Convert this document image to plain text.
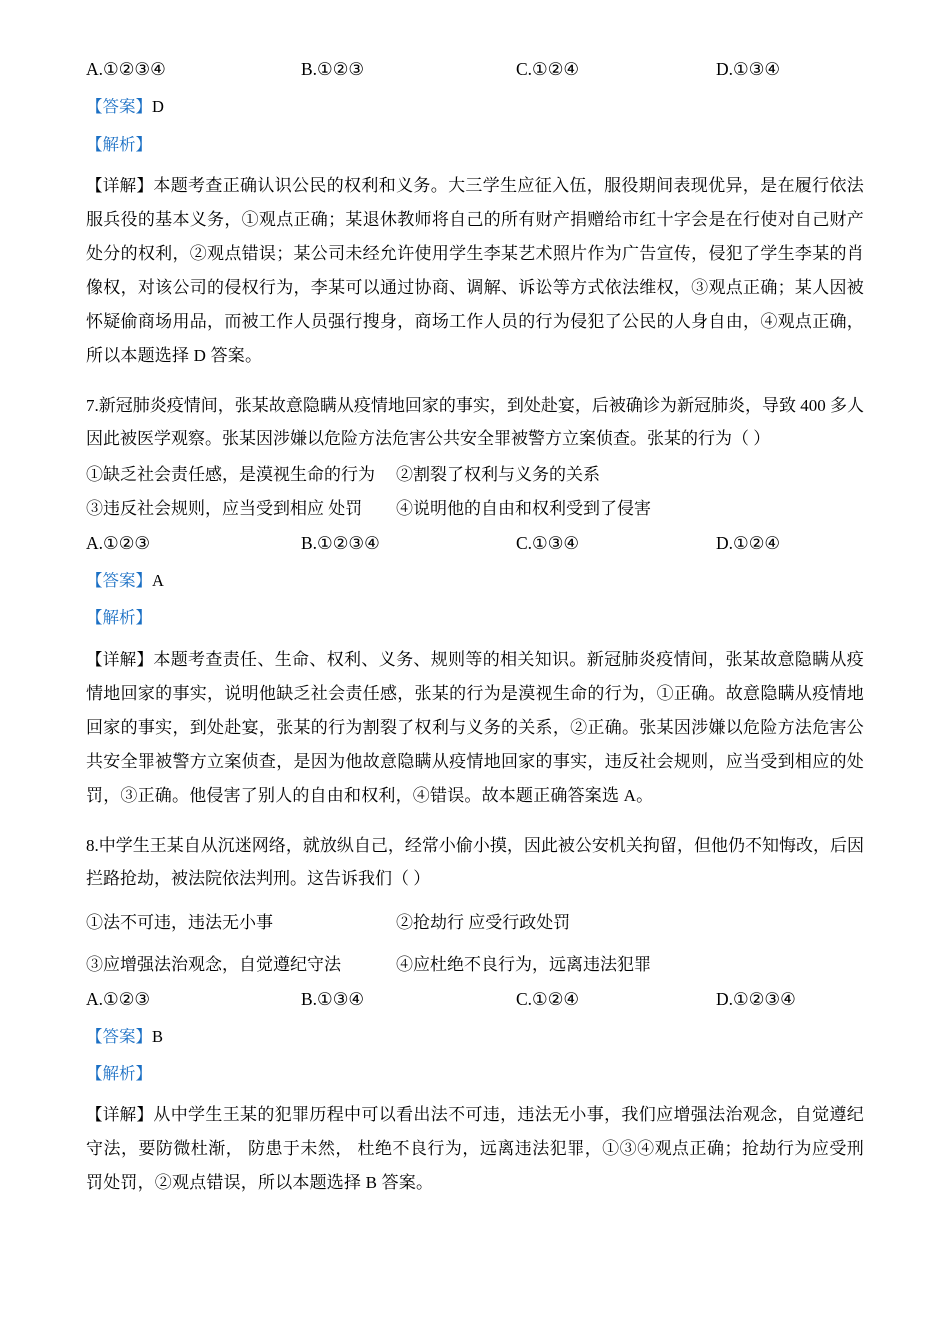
A.①②③④	B.①②③	C.①②④	D.①③④
【答案】D
【解析】
【详解】本题考查正确认识公民的权利和义务。大三学生应征入伍，服役期间表现优异，是在履行依法服兵役的基本义务，①观点正确；某退休教师将自己的所有财产捐赠给市红十字会是在行使对自己财产处分的权利，②观点错误；某公司未经允许使用学生李某艺术照片作为广告宣传，侵犯了学生李某的肖像权，对该公司的侵权行为，李某可以通过协商、调解、诉讼等方式依法维权，③观点正确；某人因被怀疑偷商场用品，而被工作人员强行搜身，商场工作人员的行为侵犯了公民的人身自由，④观点正确，所以本题选择 D 答案。
7.新冠肺炎疫情间，张某故意隐瞒从疫情地回家的事实，到处赴宴，后被确诊为新冠肺炎，导致 400 多人因此被医学观察。张某因涉嫌以危险方法危害公共安全罪被警方立案侦查。张某的行为（ ）
①缺乏社会责任感，是漠视生命的行为	②割裂了权利与义务的关系
③违反社会规则，应当受到相应 处罚	④说明他的自由和权利受到了侵害
A.①②③	B.①②③④	C.①③④	D.①②④
【答案】A
【解析】
【详解】本题考查责任、生命、权利、义务、规则等的相关知识。新冠肺炎疫情间，张某故意隐瞒从疫情地回家的事实，说明他缺乏社会责任感，张某的行为是漠视生命的行为，①正确。故意隐瞒从疫情地回家的事实，到处赴宴，张某的行为割裂了权利与义务的关系，②正确。张某因涉嫌以危险方法危害公共安全罪被警方立案侦查，是因为他故意隐瞒从疫情地回家的事实，违反社会规则，应当受到相应的处罚，③正确。他侵害了别人的自由和权利，④错误。故本题正确答案选 A。
8.中学生王某自从沉迷网络，就放纵自己，经常小偷小摸，因此被公安机关拘留，但他仍不知悔改，后因拦路抢劫，被法院依法判刑。这告诉我们（ ）
①法不可违，违法无小事	②抢劫行 应受行政处罚
③应增强法治观念，自觉遵纪守法	④应杜绝不良行为，远离违法犯罪
A.①②③	B.①③④	C.①②④	D.①②③④
【答案】B
【解析】
【详解】从中学生王某的犯罪历程中可以看出法不可违，违法无小事，我们应增强法治观念，自觉遵纪守法，要防微杜渐， 防患于未然， 杜绝不良行为，远离违法犯罪，①③④观点正确；抢劫行为应受刑罚处罚，②观点错误，所以本题选择 B 答案。
